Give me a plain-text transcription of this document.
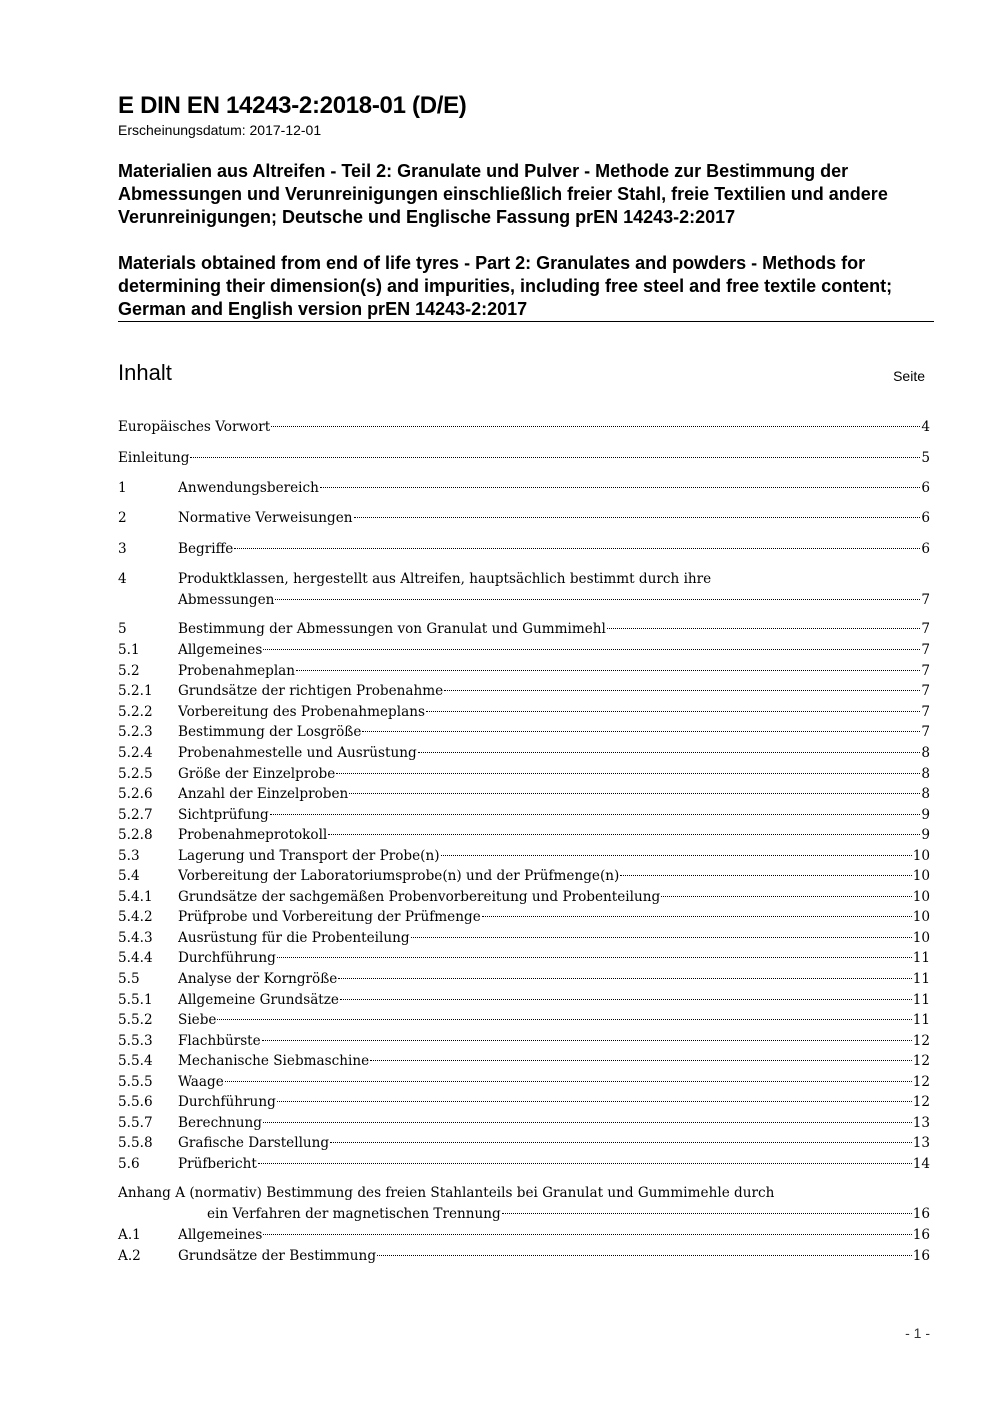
E DIN EN 14243-2:2018-01 (D/E)
Erscheinungsdatum: 2017-12-01
Materialien aus Altreifen - Teil 2: Granulate und Pulver - Methode zur Bestimmung der Abmessungen und Verunreinigungen einschließlich freier Stahl, freie Textilien und andere Verunreinigungen; Deutsche und Englische Fassung prEN 14243-2:2017
Materials obtained from end of life tyres - Part 2: Granulates and powders - Methods for determining their dimension(s) and impurities, including free steel and free textile content; German and English version prEN 14243-2:2017
Inhalt	Seite
Europäisches Vorwort	4
Einleitung	5
1	Anwendungsbereich	6
2	Normative Verweisungen	6
3	Begriffe	6
4	Produktklassen, hergestellt aus Altreifen, hauptsächlich bestimmt durch ihre
Abmessungen	7
5	Bestimmung der Abmessungen von Granulat und Gummimehl	7
5.1	Allgemeines	7
5.2	Probenahmeplan	7
5.2.1	Grundsätze der richtigen Probenahme	7
5.2.2	Vorbereitung des Probenahmeplans	7
5.2.3	Bestimmung der Losgröße	7
5.2.4	Probenahmestelle und Ausrüstung	8
5.2.5	Größe der Einzelprobe	8
5.2.6	Anzahl der Einzelproben	8
5.2.7	Sichtprüfung	9
5.2.8	Probenahmeprotokoll	9
5.3	Lagerung und Transport der Probe(n)	10
5.4	Vorbereitung der Laboratoriumsprobe(n) und der Prüfmenge(n)	10
5.4.1	Grundsätze der sachgemäßen Probenvorbereitung und Probenteilung	10
5.4.2	Prüfprobe und Vorbereitung der Prüfmenge	10
5.4.3	Ausrüstung für die Probenteilung	10
5.4.4	Durchführung	11
5.5	Analyse der Korngröße	11
5.5.1	Allgemeine Grundsätze	11
5.5.2	Siebe	11
5.5.3	Flachbürste	12
5.5.4	Mechanische Siebmaschine	12
5.5.5	Waage	12
5.5.6	Durchführung	12
5.5.7	Berechnung	13
5.5.8	Grafische Darstellung	13
5.6	Prüfbericht	14
Anhang A (normativ) Bestimmung des freien Stahlanteils bei Granulat und Gummimehle durch
ein Verfahren der magnetischen Trennung	16
A.1	Allgemeines	16
A.2	Grundsätze der Bestimmung	16
- 1 -
